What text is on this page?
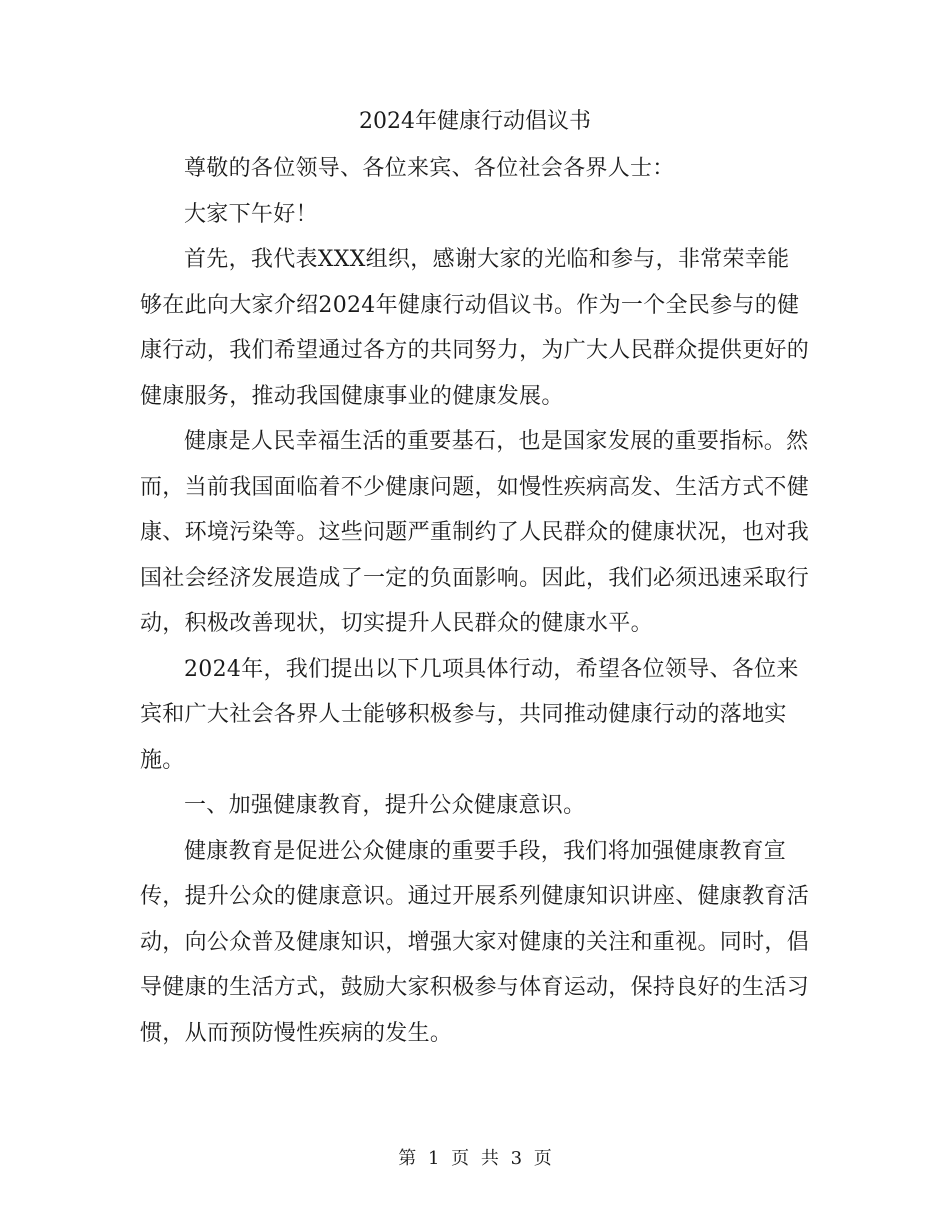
2024年健康行动倡议书

尊敬的各位领导、各位来宾、各位社会各界人士：

大家下午好！

首先，我代表XXX组织，感谢大家的光临和参与，非常荣幸能够在此向大家介绍2024年健康行动倡议书。作为一个全民参与的健康行动，我们希望通过各方的共同努力，为广大人民群众提供更好的健康服务，推动我国健康事业的健康发展。

健康是人民幸福生活的重要基石，也是国家发展的重要指标。然而，当前我国面临着不少健康问题，如慢性疾病高发、生活方式不健康、环境污染等。这些问题严重制约了人民群众的健康状况，也对我国社会经济发展造成了一定的负面影响。因此，我们必须迅速采取行动，积极改善现状，切实提升人民群众的健康水平。

2024年，我们提出以下几项具体行动，希望各位领导、各位来宾和广大社会各界人士能够积极参与，共同推动健康行动的落地实施。

一、加强健康教育，提升公众健康意识。

健康教育是促进公众健康的重要手段，我们将加强健康教育宣传，提升公众的健康意识。通过开展系列健康知识讲座、健康教育活动，向公众普及健康知识，增强大家对健康的关注和重视。同时，倡导健康的生活方式，鼓励大家积极参与体育运动，保持良好的生活习惯，从而预防慢性疾病的发生。

第 1 页 共 3 页
